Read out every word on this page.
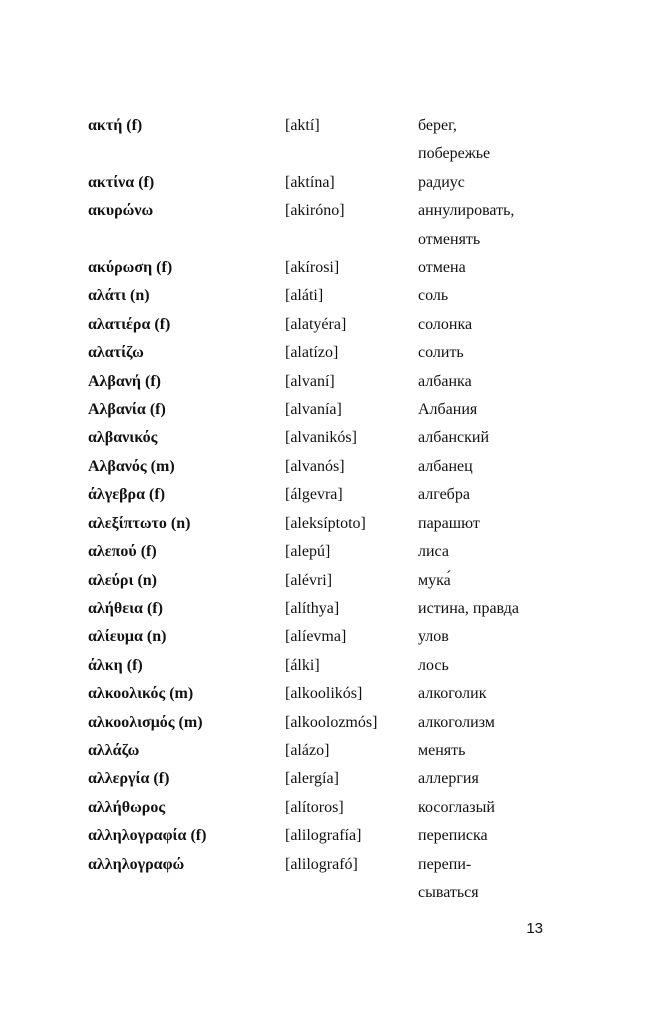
ακτή (f)	[aktí]	берег,
побережье
ακτίνα (f)	[aktína]	радиус
ακυρώνω	[akiróno]	аннулировать,
отменять
ακύρωση (f)	[akírosi]	отмена
αλάτι (n)	[aláti]	соль
αλατιέρα (f)	[alatyéra]	солонка
αλατίζω	[alatízo]	солить
Αλβανή (f)	[alvaní]	албанка
Αλβανία (f)	[alvanía]	Албания
αλβανικός	[alvanikós]	албанский
Αλβανός (m)	[alvanós]	албанец
άλγεβρα (f)	[álgevra]	алгебра
αλεξίπτωτο (n)	[aleksíptoto]	парашют
αλεπού (f)	[alepú]	лиса
αλεύρι (n)	[alévri]	мука́
αλήθεια (f)	[alíthya]	истина, правда
αλίευμα (n)	[alíevma]	улов
άλκη (f)	[álki]	лось
αλκοολικός (m)	[alkoolikós]	алкоголик
αλκοολισμός (m)	[alkoolozmós]	алкоголизм
αλλάζω	[alázo]	менять
αλλεργία (f)	[alergía]	аллергия
αλλήθωρος	[alítoros]	косоглазый
αλληλογραφία (f)	[alilografía]	переписка
αλληλογραφώ	[alilografó]	перепи-
сываться
13
